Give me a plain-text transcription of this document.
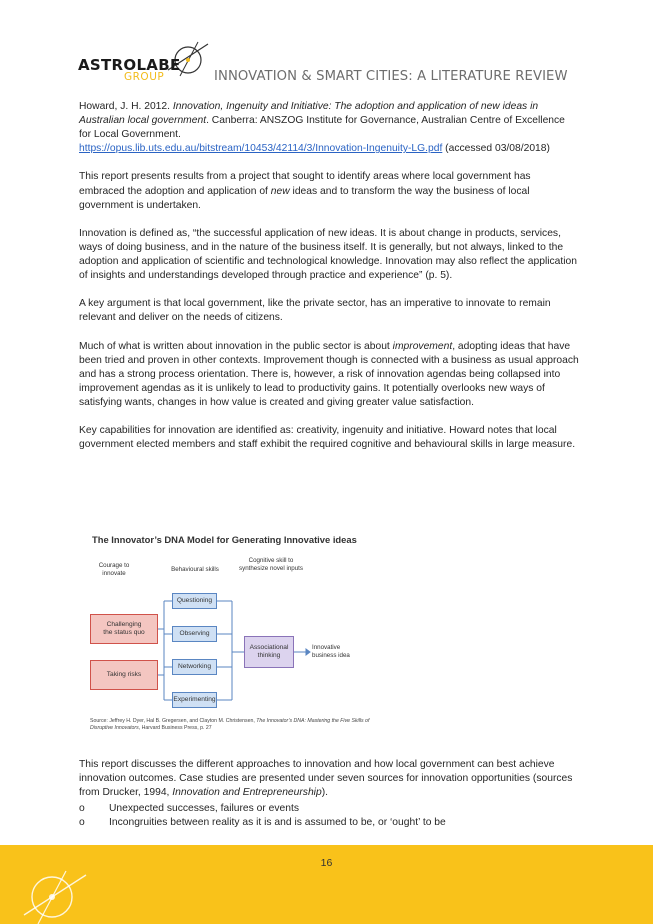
ASTROLABE
GROUP	INNOVATION & SMART CITIES: A LITERATURE REVIEW

Howard, J. H. 2012. Innovation, Ingenuity and Initiative: The adoption and application of new ideas in Australian local government. Canberra: ANSZOG Institute for Governance, Australian Centre of Excellence for Local Government.
https://opus.lib.uts.edu.au/bitstream/10453/42114/3/Innovation-Ingenuity-LG.pdf (accessed 03/08/2018)

This report presents results from a project that sought to identify areas where local government has embraced the adoption and application of new ideas and to transform the way the business of local government is undertaken.

Innovation is defined as, “the successful application of new ideas. It is about change in products, services, ways of doing business, and in the nature of the business itself. It is generally, but not always, linked to the adoption and application of scientific and technological knowledge. Innovation may also reflect the application of insights and understandings developed through practice and experience” (p. 5).

A key argument is that local government, like the private sector, has an imperative to innovate to remain relevant and deliver on the needs of citizens.

Much of what is written about innovation in the public sector is about improvement, adopting ideas that have been tried and proven in other contexts. Improvement though is connected with a business as usual approach and has a strong process orientation. There is, however, a risk of innovation agendas being collapsed into improvement agendas as it is unlikely to lead to productivity gains. It potentially overlooks new ways of satisfying wants, changes in how value is created and giving greater value satisfaction.

Key capabilities for innovation are identified as: creativity, ingenuity and initiative. Howard notes that local government elected members and staff exhibit the required cognitive and behavioural skills in large measure.

The Innovator’s DNA Model for Generating Innovative ideas
Courage to innovate	Behavioural skills
Cognitive skill to synthesize novel inputs
Challenging
the status quo
Taking risks
Questioning
Observing
Networking
Experimenting
Associational thinking
Innovative business idea
Source: Jeffrey H. Dyer, Hal B. Gregersen, and Clayton M. Christensen, The Innovator’s DNA: Mastering the Five Skills of Disruptive Innovators, Harvard Business Press, p. 27

This report discusses the different approaches to innovation and how local government can best achieve innovation outcomes. Case studies are presented under seven sources for innovation opportunities (sources from Drucker, 1994, Innovation and Entrepreneurship).

o	Unexpected successes, failures or events
o	Incongruities between reality as it is and is assumed to be, or ‘ought’ to be
16
